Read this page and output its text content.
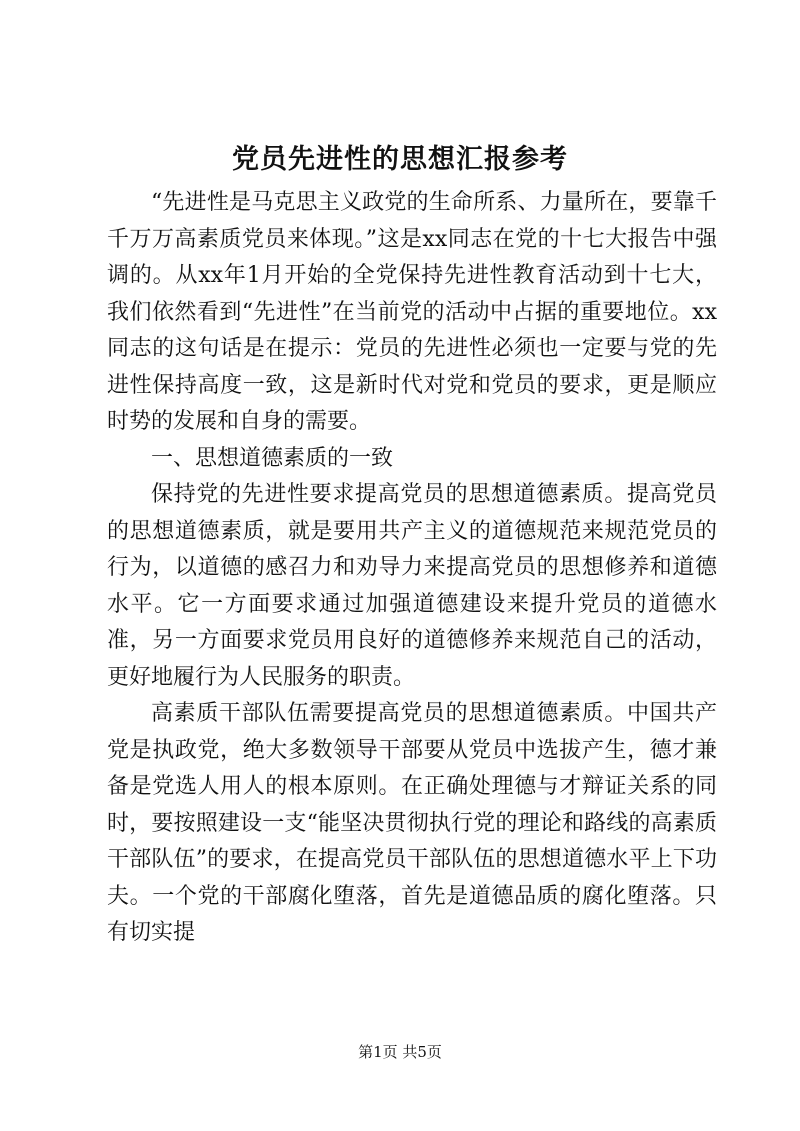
党员先进性的思想汇报参考

“先进性是马克思主义政党的生命所系、力量所在，要靠千千万万高素质党员来体现。”这是xx同志在党的十七大报告中强调的。从xx年1月开始的全党保持先进性教育活动到十七大，我们依然看到“先进性”在当前党的活动中占据的重要地位。xx同志的这句话是在提示：党员的先进性必须也一定要与党的先进性保持高度一致，这是新时代对党和党员的要求，更是顺应时势的发展和自身的需要。

一、思想道德素质的一致

保持党的先进性要求提高党员的思想道德素质。提高党员的思想道德素质，就是要用共产主义的道德规范来规范党员的行为，以道德的感召力和劝导力来提高党员的思想修养和道德水平。它一方面要求通过加强道德建设来提升党员的道德水准，另一方面要求党员用良好的道德修养来规范自己的活动，更好地履行为人民服务的职责。

高素质干部队伍需要提高党员的思想道德素质。中国共产党是执政党，绝大多数领导干部要从党员中选拔产生，德才兼备是党选人用人的根本原则。在正确处理德与才辩证关系的同时，要按照建设一支“能坚决贯彻执行党的理论和路线的高素质干部队伍”的要求，在提高党员干部队伍的思想道德水平上下功夫。一个党的干部腐化堕落，首先是道德品质的腐化堕落。只有切实提

第1页 共5页
